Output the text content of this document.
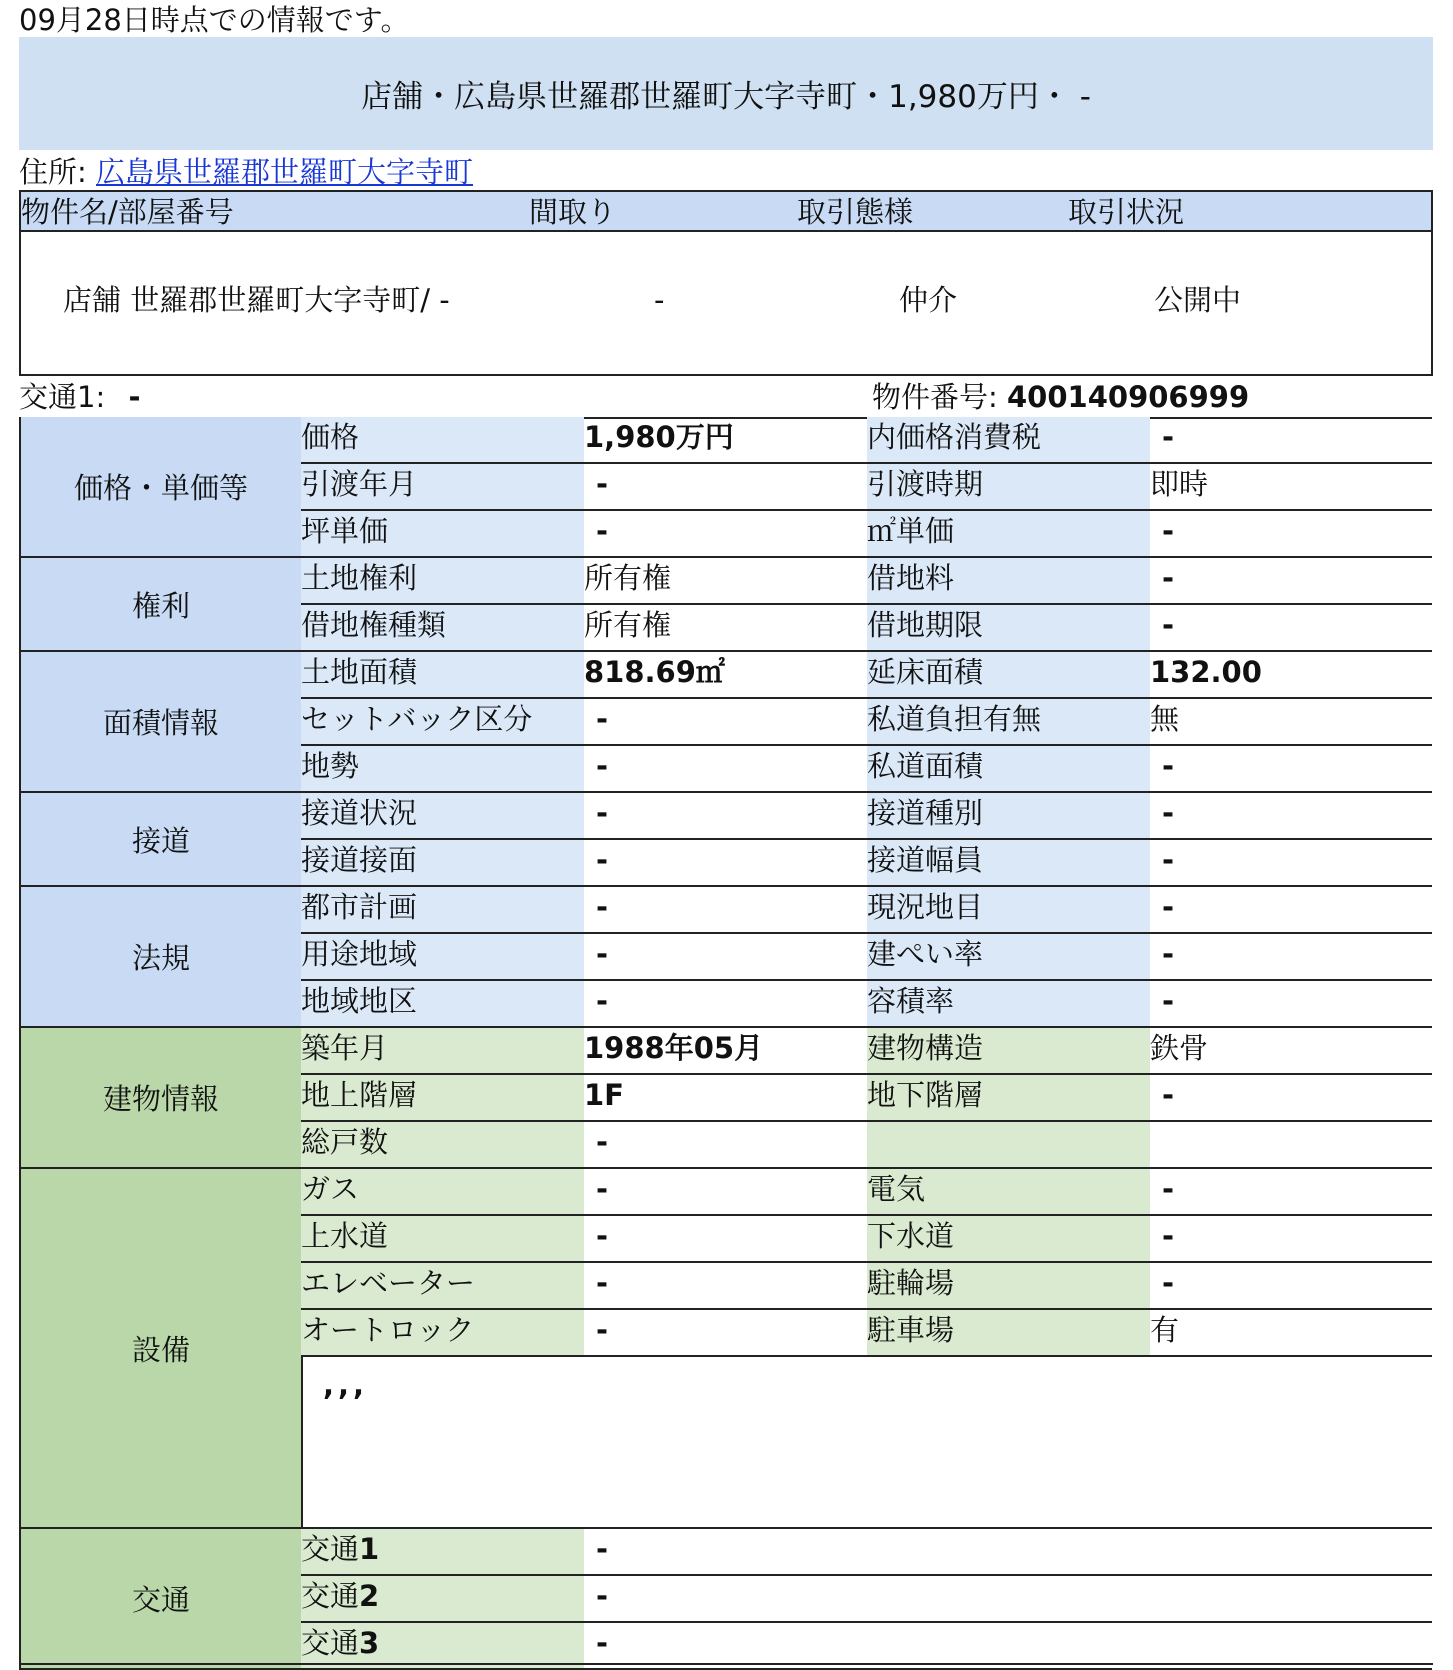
09月28日時点での情報です。
店舗・広島県世羅郡世羅町大字寺町・1,980万円・ -
住所: 広島県世羅郡世羅町大字寺町
物件名/部屋番号	間取り	取引態様	取引状況
店舗 世羅郡世羅町大字寺町/ -	-	仲介	公開中
交通1: -	物件番号: 400140906999
価格・単価等
価格	1,980万円	内価格消費税	-
引渡年月	-	引渡時期	即時
坪単価	-	㎡単価	-
権利
土地権利	所有権	借地料	-
借地権種類	所有権	借地期限	-
面積情報
土地面積	818.69㎡	延床面積	132.00
セットバック区分	-	私道負担有無	無
地勢	-	私道面積	-
接道
接道状況	-	接道種別	-
接道接面	-	接道幅員	-
法規
都市計画	-	現況地目	-
用途地域	-	建ぺい率	-
地域地区	-	容積率	-
建物情報
築年月	1988年05月	建物構造	鉄骨
地上階層	1F	地下階層	-
総戸数	-
設備
ガス	-	電気	-
上水道	-	下水道	-
エレベーター	-	駐輪場	-
オートロック	-	駐車場	有
,,,
交通
交通1	-
交通2	-
交通3	-
